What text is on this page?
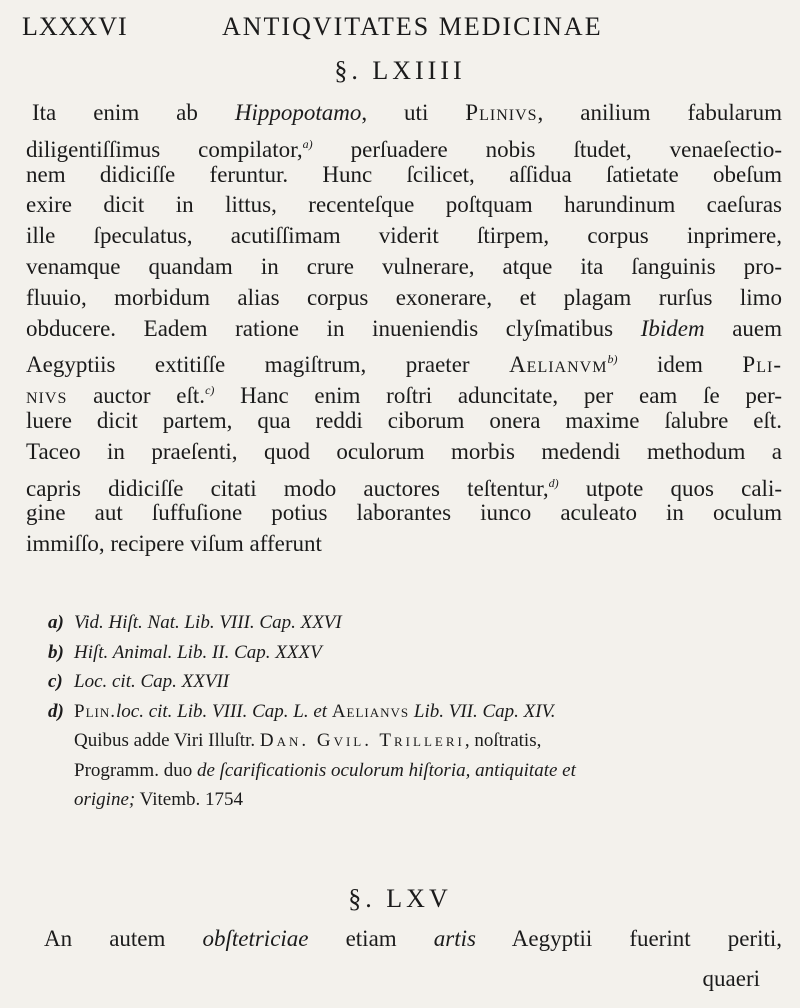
LXXXVI	ANTIQVITATES MEDICINAE
§. LXIIII
Ita enim ab Hippopotamo, uti Plinivs, anilium fabularum
diligentiſſimus compilator,$^{a)}$ perſuadere nobis ſtudet, venaeſectio-
nem didiciſſe feruntur. Hunc ſcilicet, aſſidua ſatietate obeſum
exire dicit in littus, recenteſque poſtquam harundinum caeſuras
ille ſpeculatus, acutiſſimam viderit ſtirpem, corpus inprimere,
venamque quandam in crure vulnerare, atque ita ſanguinis pro-
fluuio, morbidum alias corpus exonerare, et plagam rurſus limo
obducere. Eadem ratione in inueniendis clyſmatibus Ibidem auem
Aegyptiis extitiſſe magiſtrum, praeter Aelianvm$^{b)}$ idem Pli-
nivs auctor eſt.$^{c)}$ Hanc enim roſtri aduncitate, per eam ſe per-
luere dicit partem, qua reddi ciborum onera maxime ſalubre eſt.
Taceo in praeſenti, quod oculorum morbis medendi methodum a
capris didiciſſe citati modo auctores teſtentur,$^{d)}$ utpote quos cali-
gine aut ſuffuſione potius laborantes iunco aculeato in oculum
immiſſo, recipere viſum afferunt
a) Vid. Hiſt. Nat. Lib. VIII. Cap. XXVI
b) Hiſt. Animal. Lib. II. Cap. XXXV
c) Loc. cit. Cap. XXVII
d) Plin.loc. cit. Lib. VIII. Cap. L. et Aelianvs Lib. VII. Cap. XIV.
Quibus adde Viri Illuſtr. Dan. Gvil. Trilleri, noſtratis,
Programm. duo de ſcarificationis oculorum hiſtoria, antiquitate et
origine; Vitemb. 1754
§. LXV
An autem obſtetriciae etiam artis Aegyptii fuerint periti,
quaeri
